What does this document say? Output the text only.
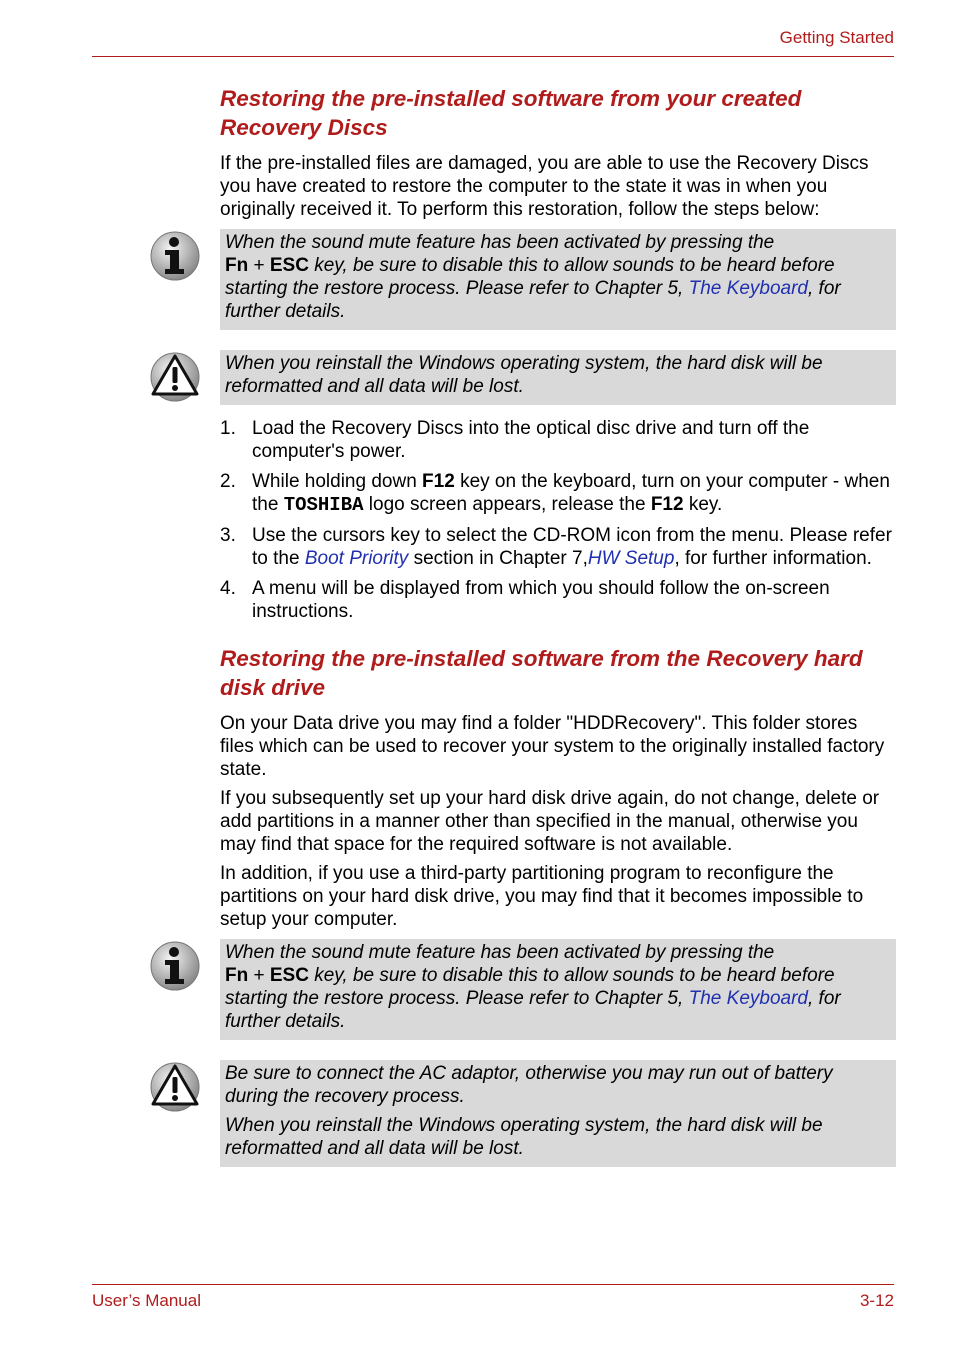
Getting Started
Restoring the pre-installed software from your created Recovery Discs

If the pre-installed files are damaged, you are able to use the Recovery Discs you have created to restore the computer to the state it was in when you originally received it. To perform this restoration, follow the steps below:

When the sound mute feature has been activated by pressing the
Fn + ESC key, be sure to disable this to allow sounds to be heard before starting the restore process. Please refer to Chapter 5, The Keyboard, for further details.
When you reinstall the Windows operating system, the hard disk will be reformatted and all data will be lost.
1. Load the Recovery Discs into the optical disc drive and turn off the computer's power.
2. While holding down F12 key on the keyboard, turn on your computer - when the TOSHIBA logo screen appears, release the F12 key.
3. Use the cursors key to select the CD-ROM icon from the menu. Please refer to the Boot Priority section in Chapter 7,HW Setup, for further information.
4. A menu will be displayed from which you should follow the on-screen instructions.
Restoring the pre-installed software from the Recovery hard disk drive

On your Data drive you may find a folder "HDDRecovery". This folder stores files which can be used to recover your system to the originally installed factory state.

If you subsequently set up your hard disk drive again, do not change, delete or add partitions in a manner other than specified in the manual, otherwise you may find that space for the required software is not available.

In addition, if you use a third-party partitioning program to reconfigure the partitions on your hard disk drive, you may find that it becomes impossible to setup your computer.

When the sound mute feature has been activated by pressing the
Fn + ESC key, be sure to disable this to allow sounds to be heard before starting the restore process. Please refer to Chapter 5, The Keyboard, for further details.

Be sure to connect the AC adaptor, otherwise you may run out of battery during the recovery process.

When you reinstall the Windows operating system, the hard disk will be reformatted and all data will be lost.

User’s Manual	3-12
